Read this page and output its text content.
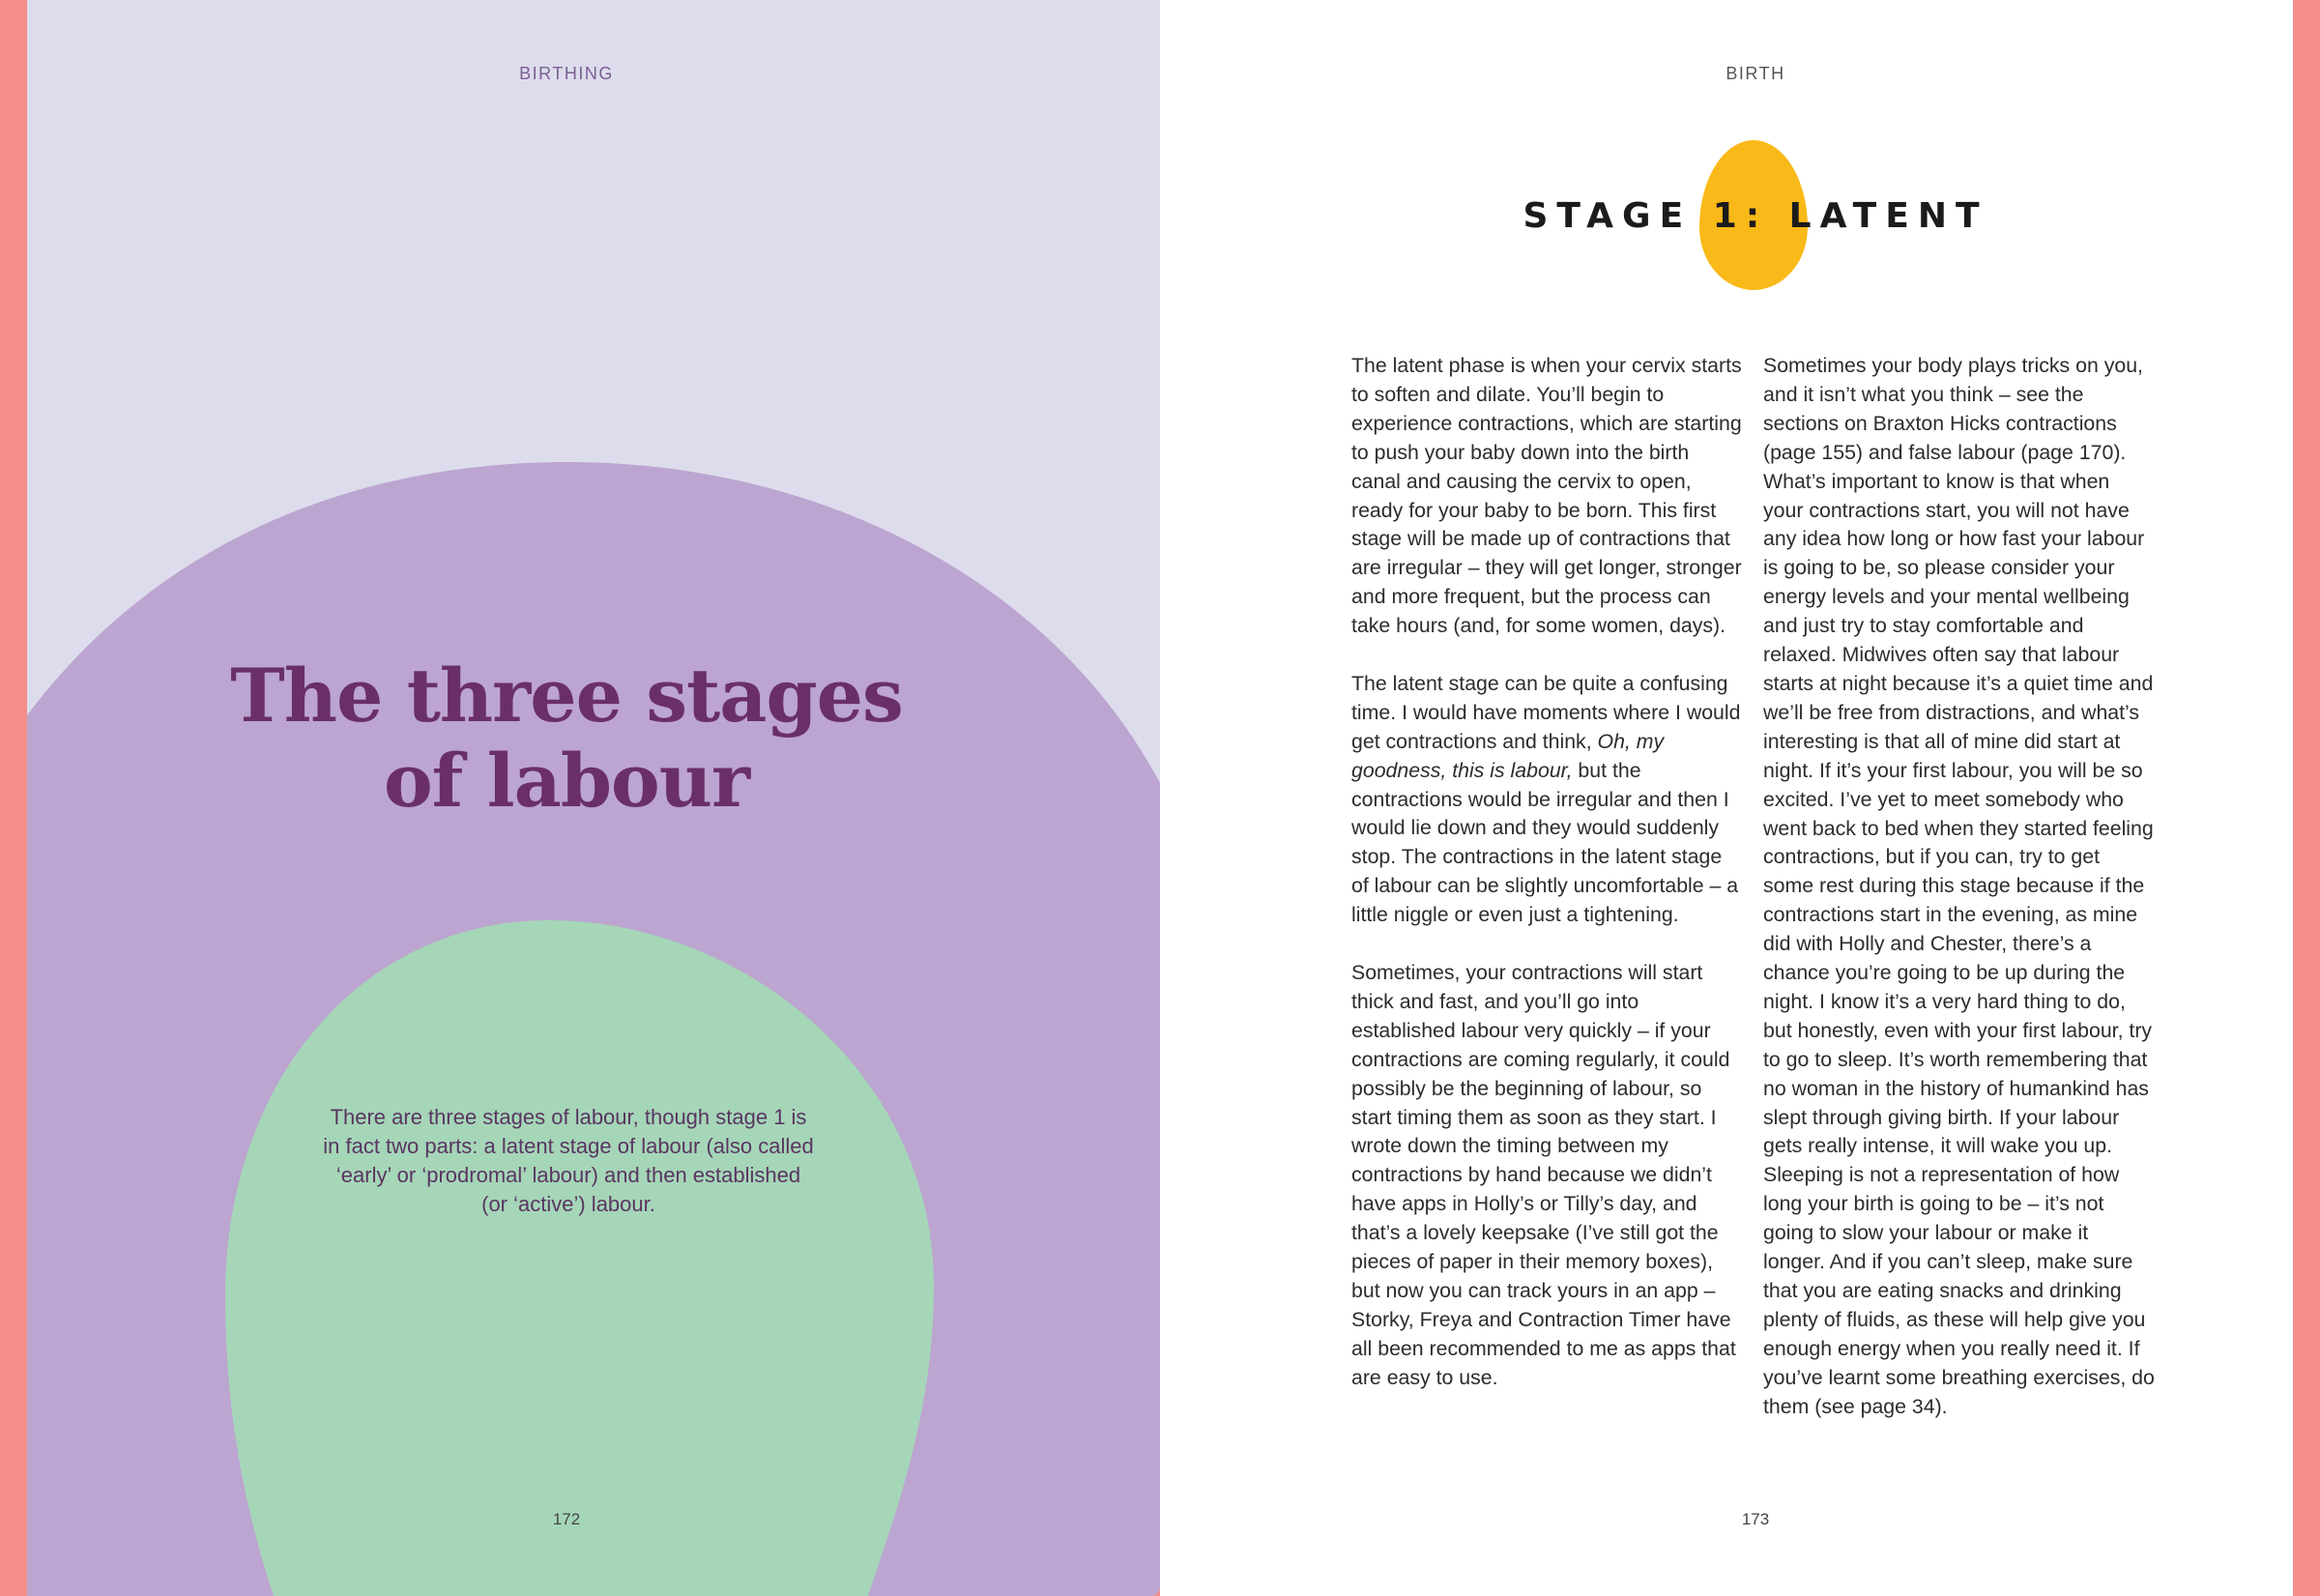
BIRTHING
The three stages
of labour

There are three stages of labour, though stage 1 is in fact two parts: a latent stage of labour (also called ‘early’ or ‘prodromal’ labour) and then established (or ‘active’) labour.

172
BIRTH
STAGE 1: LATENT

The latent phase is when your cervix starts to soften and dilate. You’ll begin to experience contractions, which are starting to push your baby down into the birth canal and causing the cervix to open, ready for your baby to be born. This first stage will be made up of contractions that are irregular – they will get longer, stronger and more frequent, but the process can take hours (and, for some women, days).

The latent stage can be quite a confusing time. I would have moments where I would get contractions and think, Oh, my goodness, this is labour, but the contractions would be irregular and then I would lie down and they would suddenly stop. The contractions in the latent stage of labour can be slightly uncomfortable – a little niggle or even just a tightening.

Sometimes, your contractions will start thick and fast, and you’ll go into established labour very quickly – if your contractions are coming regularly, it could possibly be the beginning of labour, so start timing them as soon as they start. I wrote down the timing between my contractions by hand because we didn’t have apps in Holly’s or Tilly’s day, and that’s a lovely keepsake (I’ve still got the pieces of paper in their memory boxes), but now you can track yours in an app – Storky, Freya and Contraction Timer have all been recommended to me as apps that are easy to use.

Sometimes your body plays tricks on you, and it isn’t what you think – see the sections on Braxton Hicks contractions (page 155) and false labour (page 170). What’s important to know is that when your contractions start, you will not have any idea how long or how fast your labour is going to be, so please consider your energy levels and your mental wellbeing and just try to stay comfortable and relaxed. Midwives often say that labour starts at night because it’s a quiet time and we’ll be free from distractions, and what’s interesting is that all of mine did start at night. If it’s your first labour, you will be so excited. I’ve yet to meet somebody who went back to bed when they started feeling contractions, but if you can, try to get some rest during this stage because if the contractions start in the evening, as mine did with Holly and Chester, there’s a chance you’re going to be up during the night. I know it’s a very hard thing to do, but honestly, even with your first labour, try to go to sleep. It’s worth remembering that no woman in the history of humankind has slept through giving birth. If your labour gets really intense, it will wake you up. Sleeping is not a representation of how long your birth is going to be – it’s not going to slow your labour or make it longer. And if you can’t sleep, make sure that you are eating snacks and drinking plenty of fluids, as these will help give you enough energy when you really need it. If you’ve learnt some breathing exercises, do them (see page 34).

173
